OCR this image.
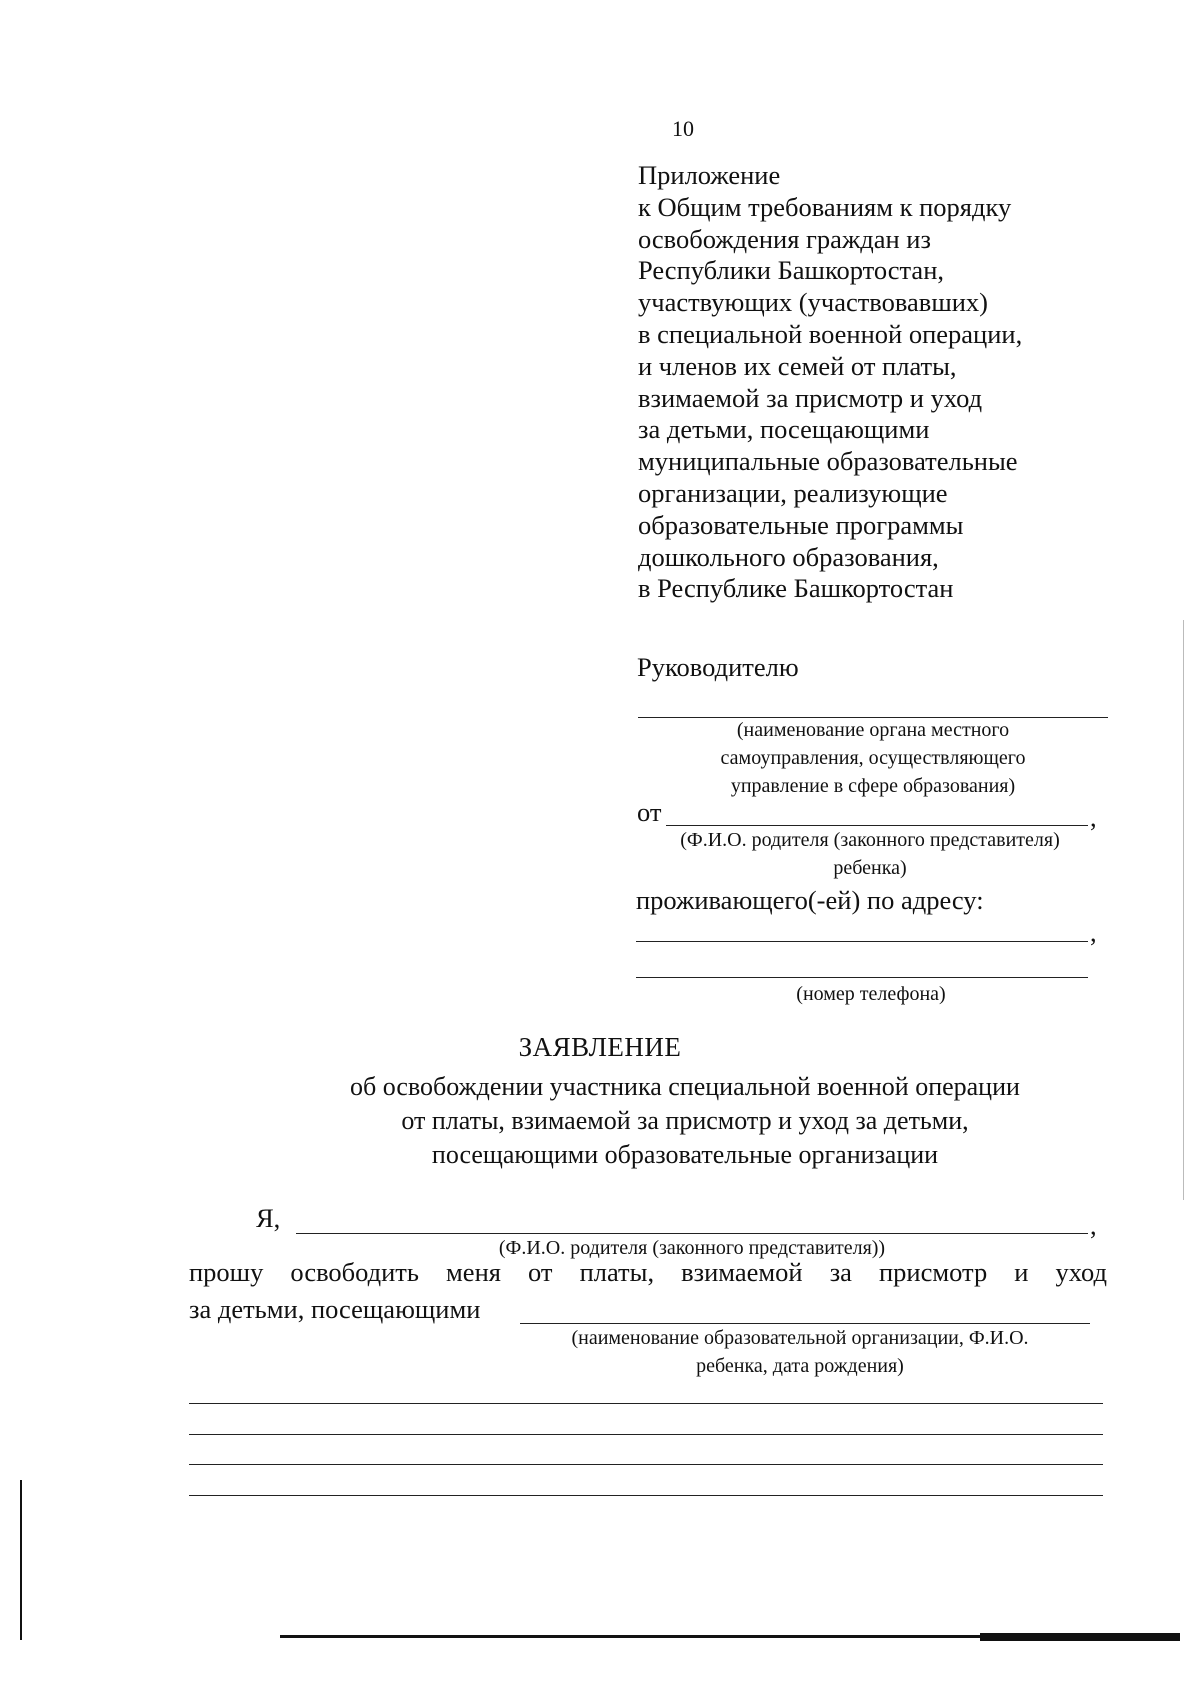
10
Приложение
к Общим требованиям к порядку
освобождения граждан из
Республики Башкортостан,
участвующих (участвовавших)
в специальной военной операции,
и членов их семей от платы,
взимаемой за присмотр и уход
за детьми, посещающими
муниципальные образовательные
организации, реализующие
образовательные программы
дошкольного образования,
в Республике Башкортостан
Руководителю
(наименование органа местного
самоуправления, осуществляющего
управление в сфере образования)
от	,
(Ф.И.О. родителя (законного представителя)
ребенка)
проживающего(-ей) по адресу:
,
(номер телефона)
ЗАЯВЛЕНИЕ
об освобождении участника специальной военной операции
от платы, взимаемой за присмотр и уход за детьми,
посещающими образовательные организации
Я,	,
(Ф.И.О. родителя (законного представителя))
прошу освободить меня от платы, взимаемой за присмотр и уход
за детьми, посещающими
(наименование образовательной организации, Ф.И.О.
ребенка, дата рождения)
